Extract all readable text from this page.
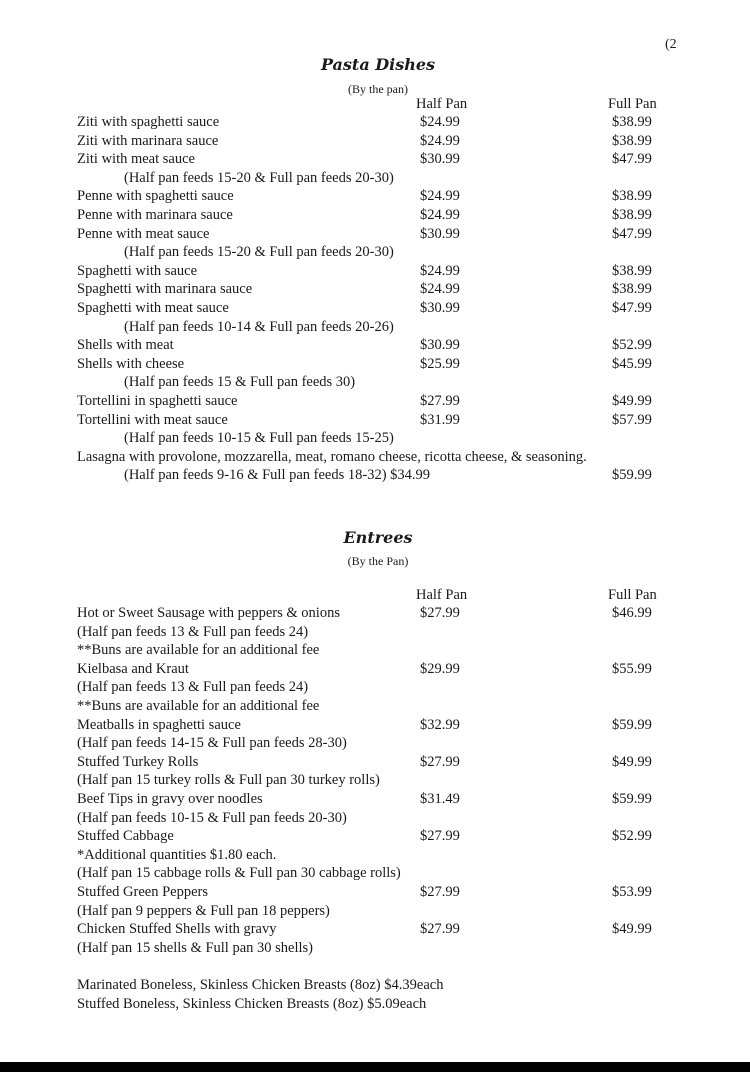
(2
Pasta Dishes
(By the pan)
Half Pan	Full Pan
Ziti with spaghetti sauce	$24.99	$38.99
Ziti with marinara sauce	$24.99	$38.99
Ziti with meat sauce	$30.99	$47.99
(Half pan feeds 15-20 & Full pan feeds 20-30)
Penne with spaghetti sauce	$24.99	$38.99
Penne with marinara sauce	$24.99	$38.99
Penne with meat sauce	$30.99	$47.99
(Half pan feeds 15-20 & Full pan feeds 20-30)
Spaghetti with sauce	$24.99	$38.99
Spaghetti with marinara sauce	$24.99	$38.99
Spaghetti with meat sauce	$30.99	$47.99
(Half pan feeds 10-14 & Full pan feeds 20-26)
Shells with meat	$30.99	$52.99
Shells with cheese	$25.99	$45.99
(Half pan feeds 15 & Full pan feeds 30)
Tortellini in spaghetti sauce	$27.99	$49.99
Tortellini with meat sauce	$31.99	$57.99
(Half pan feeds 10-15 & Full pan feeds 15-25)
Lasagna with provolone, mozzarella, meat, romano cheese, ricotta cheese, & seasoning.
(Half pan feeds 9-16 & Full pan feeds 18-32) $34.99	$59.99
Entrees
(By the Pan)
Half Pan	Full Pan
Hot or Sweet Sausage with peppers & onions	$27.99	$46.99
(Half pan feeds 13 & Full pan feeds 24)
**Buns are available for an additional fee
Kielbasa and Kraut	$29.99	$55.99
(Half pan feeds 13 & Full pan feeds 24)
**Buns are available for an additional fee
Meatballs in spaghetti sauce	$32.99	$59.99
(Half pan feeds 14-15 & Full pan feeds 28-30)
Stuffed Turkey Rolls	$27.99	$49.99
(Half pan 15 turkey rolls & Full pan 30 turkey rolls)
Beef Tips in gravy over noodles	$31.49	$59.99
(Half pan feeds 10-15 & Full pan feeds 20-30)
Stuffed Cabbage	$27.99	$52.99
*Additional quantities $1.80 each.
(Half pan 15 cabbage rolls & Full pan 30 cabbage rolls)
Stuffed Green Peppers	$27.99	$53.99
(Half pan 9 peppers & Full pan 18 peppers)
Chicken Stuffed Shells with gravy	$27.99	$49.99
(Half pan 15 shells & Full pan 30 shells)
Marinated Boneless, Skinless Chicken Breasts (8oz) $4.39each
Stuffed Boneless, Skinless Chicken Breasts (8oz) $5.09each
